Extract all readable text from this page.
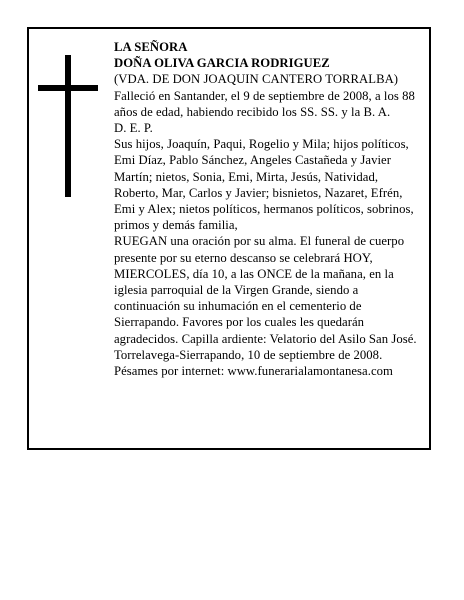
LA SEÑORA
DOÑA OLIVA GARCIA RODRIGUEZ
(VDA. DE DON JOAQUIN CANTERO TORRALBA)
Falleció en Santander, el 9 de septiembre de 2008, a los 88 años de edad, habiendo recibido los SS. SS. y la B. A.
D. E. P.
Sus hijos, Joaquín, Paqui, Rogelio y Mila; hijos políticos, Emi Díaz, Pablo Sánchez, Angeles Castañeda y Javier Martín; nietos, Sonia, Emi, Mirta, Jesús, Natividad, Roberto, Mar, Carlos y Javier; bisnietos, Nazaret, Efrén, Emi y Alex; nietos políticos, hermanos políticos, sobrinos, primos y demás familia,
RUEGAN una oración por su alma. El funeral de cuerpo presente por su eterno descanso se celebrará HOY, MIERCOLES, día 10, a las ONCE de la mañana, en la iglesia parroquial de la Virgen Grande, siendo a continuación su inhumación en el cementerio de Sierrapando. Favores por los cuales les quedarán agradecidos. Capilla ardiente: Velatorio del Asilo San José.
Torrelavega-Sierrapando, 10 de septiembre de 2008.
Pésames por internet: www.funerarialamontanesa.com
